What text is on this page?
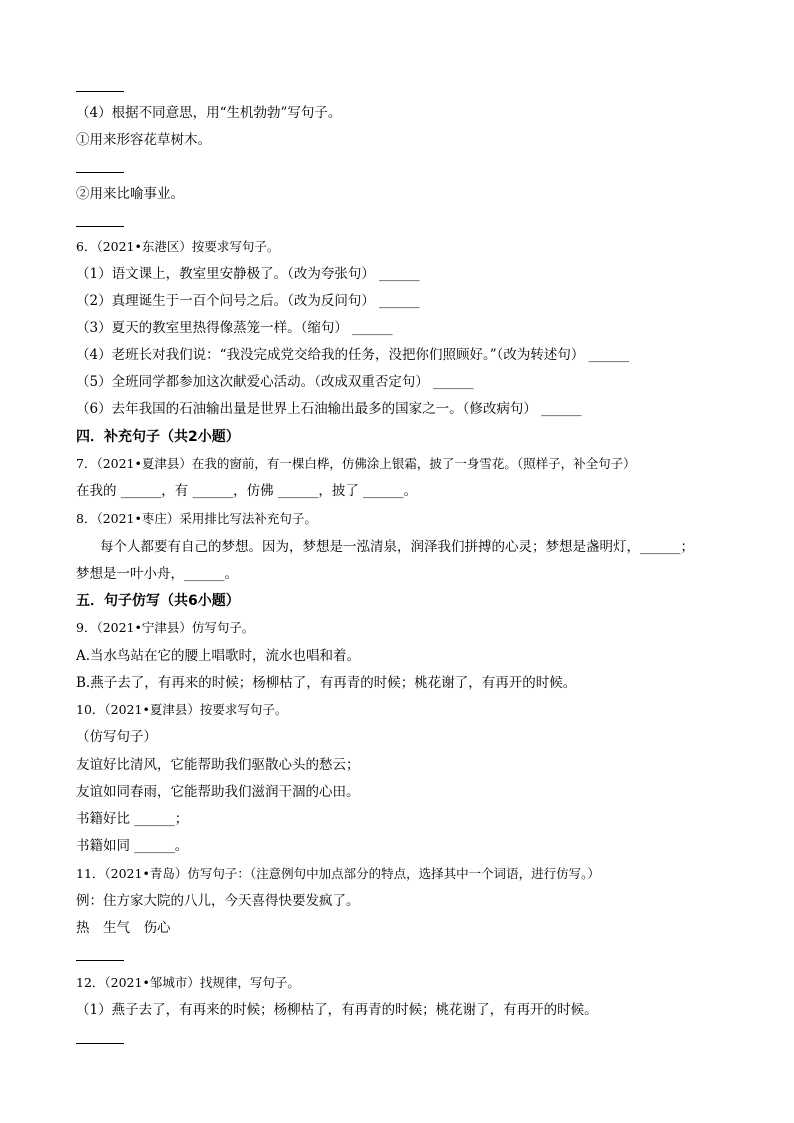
（4）根据不同意思，用“生机勃勃”写句子。
①用来形容花草树木。
②用来比喻事业。
6．（2021•东港区）按要求写句子。
（1）语文课上，教室里安静极了。（改为夸张句） ______
（2）真理诞生于一百个问号之后。（改为反问句） ______
（3）夏天的教室里热得像蒸笼一样。（缩句） ______
（4）老班长对我们说：“我没完成党交给我的任务，没把你们照顾好。”（改为转述句） ______
（5）全班同学都参加这次献爱心活动。（改成双重否定句） ______
（6）去年我国的石油输出量是世界上石油输出最多的国家之一。（修改病句） ______
四．补充句子（共2小题）
7．（2021•夏津县）在我的窗前，有一棵白桦，仿佛涂上银霜，披了一身雪花。（照样子，补全句子）
在我的 ______，有 ______，仿佛 ______，披了 ______。
8．（2021•枣庄）采用排比写法补充句子。
每个人都要有自己的梦想。因为，梦想是一泓清泉，润泽我们拼搏的心灵；梦想是盏明灯，______；
梦想是一叶小舟，______。
五．句子仿写（共6小题）
9．（2021•宁津县）仿写句子。
A.当水鸟站在它的腰上唱歌时，流水也唱和着。
B.燕子去了，有再来的时候；杨柳枯了，有再青的时候；桃花谢了，有再开的时候。
10．（2021•夏津县）按要求写句子。
（仿写句子）
友谊好比清风，它能帮助我们驱散心头的愁云；
友谊如同春雨，它能帮助我们滋润干涸的心田。
书籍好比 ______；
书籍如同 ______。
11．（2021•青岛）仿写句子：（注意例句中加点部分的特点，选择其中一个词语，进行仿写。）
例：住方家大院的八儿，今天喜得快要发疯了。
热　生气　伤心
12．（2021•邹城市）找规律，写句子。
（1）燕子去了，有再来的时候；杨柳枯了，有再青的时候；桃花谢了，有再开的时候。
